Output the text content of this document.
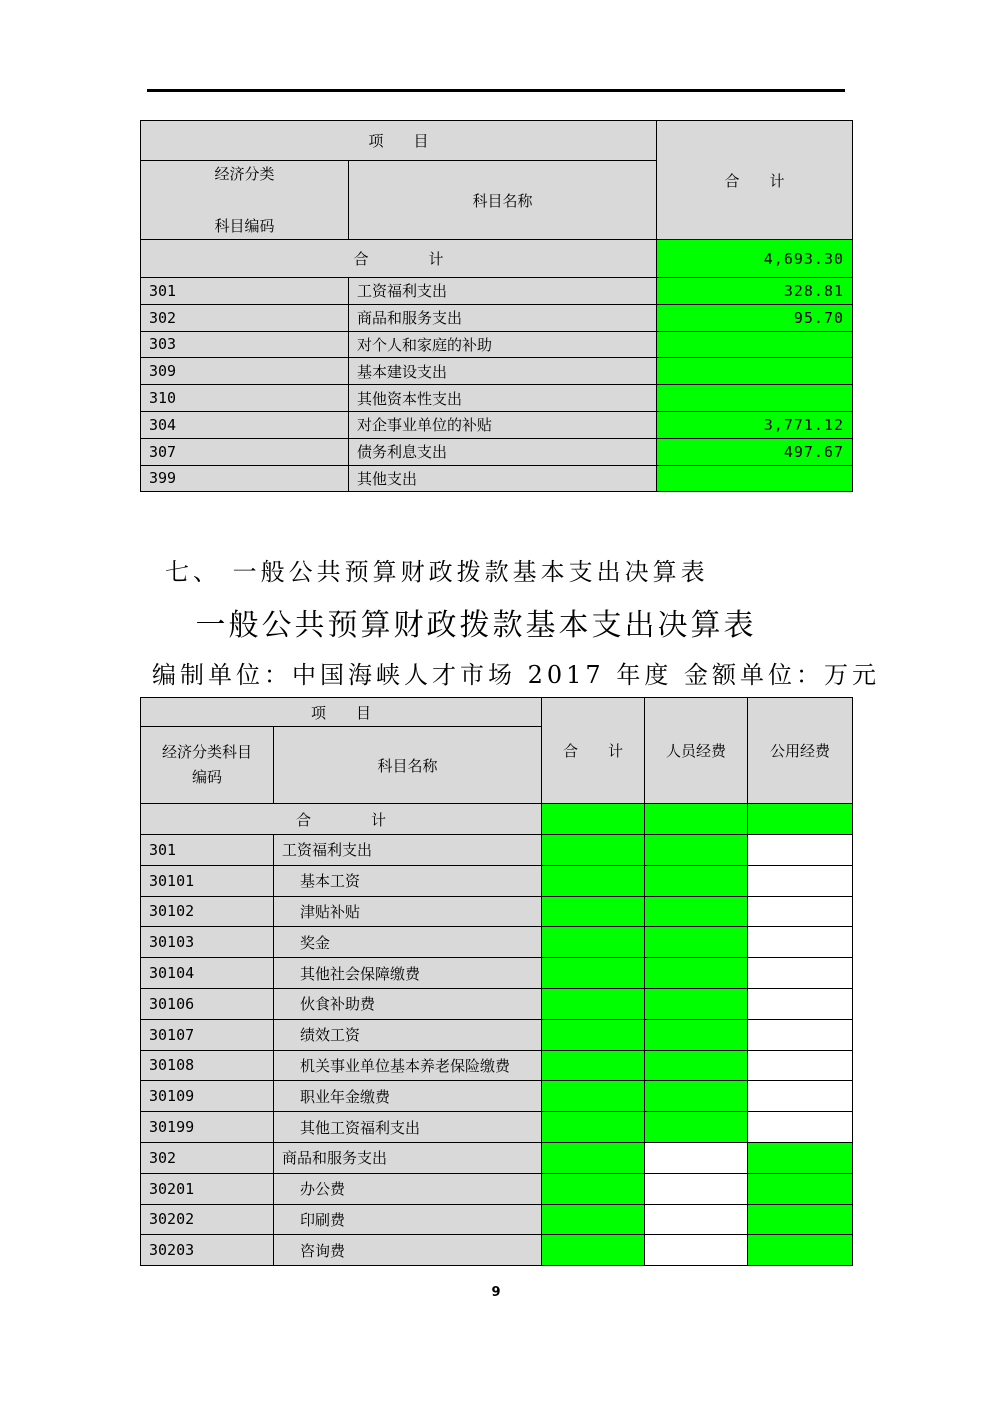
项　　目		合　　计

经济分类
科目编码	科目名称	
合　　　　计		4,693.30
301	工资福利支出	328.81
302	商品和服务支出	95.70
303	对个人和家庭的补助	
309	基本建设支出	
310	其他资本性支出	
304	对企事业单位的补贴	3,771.12
307	债务利息支出	497.67
399	其他支出	
七、 一般公共预算财政拨款基本支出决算表
一般公共预算财政拨款基本支出决算表
编制单位：中国海峡人才市场 2017 年度 金额单位：万元
项　　目		合　　计	人员经费	公用经费

经济分类科目
编码	科目名称			
合　　　　计				
301	工资福利支出			
30101	基本工资			
30102	津贴补贴			
30103	奖金			
30104	其他社会保障缴费			
30106	伙食补助费			
30107	绩效工资			
30108	机关事业单位基本养老保险缴费			
30109	职业年金缴费			
30199	其他工资福利支出			
302	商品和服务支出			
30201	办公费			
30202	印刷费			
30203	咨询费			
9
